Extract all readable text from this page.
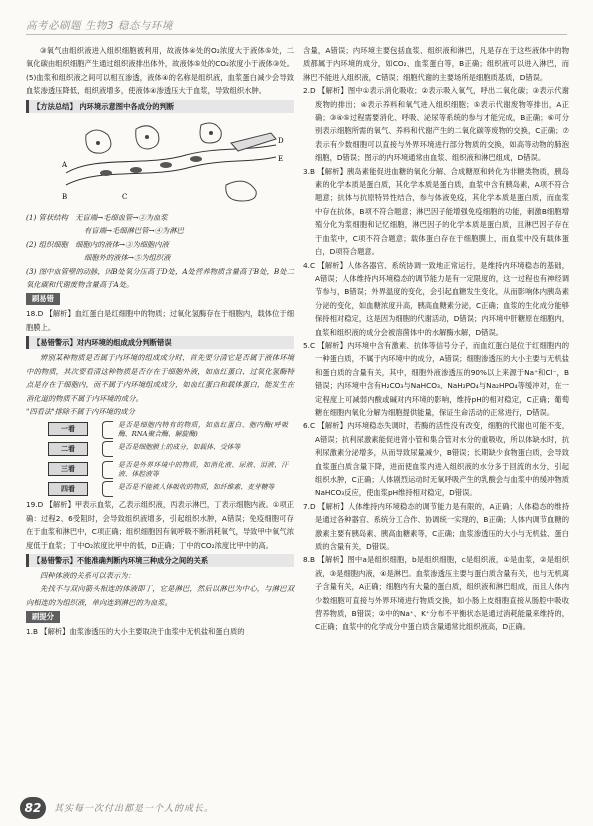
高考必刷题 生物3 稳态与环境

③氧气由组织液进入组织细胞被利用，故液体④处的O₂浓度大于液体⑤处，二氧化碳由组织细胞产生通过组织液排出体外，故液体⑤处的CO₂浓度小于液体③处。(5)血浆和组织液之间可以相互渗透，液体④的名称是组织液，血浆蛋白减少会导致血浆渗透压降低，组织液增多，使液体④渗透压大于血浆，导致组织水肿。

【方法总结】 内环境示意图中各成分的判断
A
B	C
D
E

(1) 管状结构　 无盲端→毛细血管→②为血浆

有盲端→毛细淋巴管→④为淋巴

(2) 组织细胞　 细胞内的液体→③为细胞内液

细胞外的液体→⑤为组织液

(3) 图中血管壁的动脉，因B处氧分压高于D处，A处营养物质含量高于B处，B处二氧化碳和代谢废物含量高于A处。

刷易错

18.D 【解析】血红蛋白是红细胞中的物质；过氧化氢酶存在于细胞内，载体位于细胞膜上。

【易错警示】对内环境的组成成分判断错误

辨别某种物质是否属于内环境的组成成分时，首先要分清它是否属于液体环境中的物质，其次要看清这种物质是否存在于细胞外液，如血红蛋白、过氧化氢酶特点是存在于细胞内，而不属于内环境组成成分，如血红蛋白和载体蛋白，能发生在消化道的物质不属于内环境的成分。

"四看法"排除不属于内环境的成分

一看
二看
三看
四看
是否是细胞内特有的物质，如血红蛋白、胞内酶(呼吸酶、RNA聚合酶、解旋酶)
是否是细胞膜上的成分，如载体、受体等
是否是外界环境中的物质，如消化液、尿液、泪液、汗液、体腔液等
是否是不能被人体吸收的物质，如纤维素、麦芽糖等

19.D 【解析】甲表示血浆，乙表示组织液，丙表示淋巴，丁表示细胞内液。①项正确：过程2、6受阻时，会导致组织液增多，引起组织水肿，A错误；免疫细胞可存在于血浆和淋巴中，C项正确；组织细胞因有氧呼吸不断消耗氧气，导致甲中氧气浓度低于血浆；丁中O₂浓度比甲中的低，D正确；丁中的CO₂浓度比甲中的高。

【易错警示】不能准确判断内环境三种成分之间的关系

四种体液的关系可以表示为：

先找不与双向箭头相连的体液即丁，它是淋巴，然后以淋巴为中心，与淋巴双向相连的为组织液，单向连到淋巴的为血浆。

刷提分

1.B 【解析】血浆渗透压的大小主要取决于血浆中无机盐和蛋白质的

含量，A错误；内环境主要包括血浆、组织液和淋巴，凡是存在于这些液体中的物质都属于内环境的成分，如CO₂、血浆蛋白等，B正确；组织液可以进入淋巴，而淋巴不能进入组织液，C错误；细胞代谢的主要场所是细胞质基质，D错误。

2.D 【解析】图中①表示消化吸收；②表示吸入氧气，呼出二氧化碳；③表示代谢废物的排出；④表示养料和氧气进入组织细胞；⑤表示代谢废物等排出，A正确；③④⑤过程需要消化、呼吸、泌尿等系统的参与才能完成，B正确；⑥可分别表示细胞所需的氧气、养料和代谢产生的二氧化碳等废物的交换，C正确；⑦表示有少数细胞可以直接与外界环境进行部分物质的交换，如高等动物的肺泡细胞，D错误；图示的内环境通常由血浆、组织液和淋巴组成，D错误。

3.B 【解析】胰岛素能促进血糖的氧化分解、合成糖原和转化为非糖类物质，胰岛素的化学本质是蛋白质，其化学本质是蛋白质，血浆中含有胰岛素，A项不符合题意；抗体与抗原特异性结合，参与体液免疫，其化学本质是蛋白质，而血浆中存在抗体，B项不符合题意；淋巴因子能增强免疫细胞的功能，刺激B细胞增殖分化为浆细胞和记忆细胞，淋巴因子的化学本质是蛋白质，且淋巴因子存在于血浆中，C项不符合题意；载体蛋白存在于细胞膜上，而血浆中没有载体蛋白，D项符合题意。

4.C 【解析】人体各器官、系统协调一致地正常运行，是维持内环境稳态的基础，A错误；人体维持内环境稳态的调节能力是有一定限度的，这一过程也有神经调节参与，B错误；外界温度的变化，会引起血糖发生变化，从而影响体内胰岛素分泌的变化，如血糖浓度升高，胰高血糖素分泌，C正确；血浆的生化成分能够保持相对稳定，这是因为细胞的代谢活动，D错误；内环境中肝糖原在细胞内，血浆和组织液的成分会被溶菌体中的水解酶水解，D错误。

5.C 【解析】内环境中含有激素、抗体等信号分子，而血红蛋白是位于红细胞内的一种蛋白质，不属于内环境中的成分，A错误；细胞渗透压的大小主要与无机盐和蛋白质的含量有关，其中，细胞外液渗透压的90%以上来源于Na⁺和Cl⁻，B错误；内环境中含有H₂CO₃与NaHCO₃、NaH₂PO₄与Na₂HPO₄等缓冲对，在一定程度上可减弱内酸或碱对内环境的影响，维持pH的相对稳定，C正确；葡萄糖在细胞内氧化分解为细胞提供能量，保证生命活动的正常进行，D错误。

6.C 【解析】内环境稳态失调时，若酶的活性没有改变，细胞的代谢也可能不变，A错误；抗利尿激素能促进肾小管和集合管对水分的重吸收，所以体缺水时，抗利尿激素分泌增多，从而导致尿量减少，B错误；长期缺少食物蛋白质，会导致血浆蛋白质含量下降，进而使血浆内进入组织液的水分多于回流的水分，引起组织水肿，C正确；人体剧烈运动时无氧呼吸产生的乳酸会与血浆中的缓冲物质NaHCO₃反应，使血浆pH维持相对稳定，D错误。

7.D 【解析】人体维持内环境稳态的调节能力是有限的，A正确；人体稳态的维持是通过各种器官、系统分工合作、协调统一实现的，B正确；人体内调节血糖的激素主要有胰岛素、胰高血糖素等，C正确；血浆渗透压的大小与无机盐、蛋白质的含量有关，D错误。

8.B 【解析】图中a是组织细胞，b是组织细胞，c是组织液，①是血浆，②是组织液，③是细胞内液，④是淋巴。血浆渗透压主要与蛋白质含量有关，也与无机离子含量有关，A正确；细胞内有大量的蛋白质，组织液和淋巴组成，而且人体内少数细胞可直接与外界环境进行物质交换，如小肠上皮细胞直接从肠腔中吸收营养物质，B错误；②中的Na⁺、K⁺分布不平衡状态是通过消耗能量来维持的，C正确；血浆中的化学成分中蛋白质含量通常比组织液高，D正确。

82	其实每一次付出都是一个人的成长。
